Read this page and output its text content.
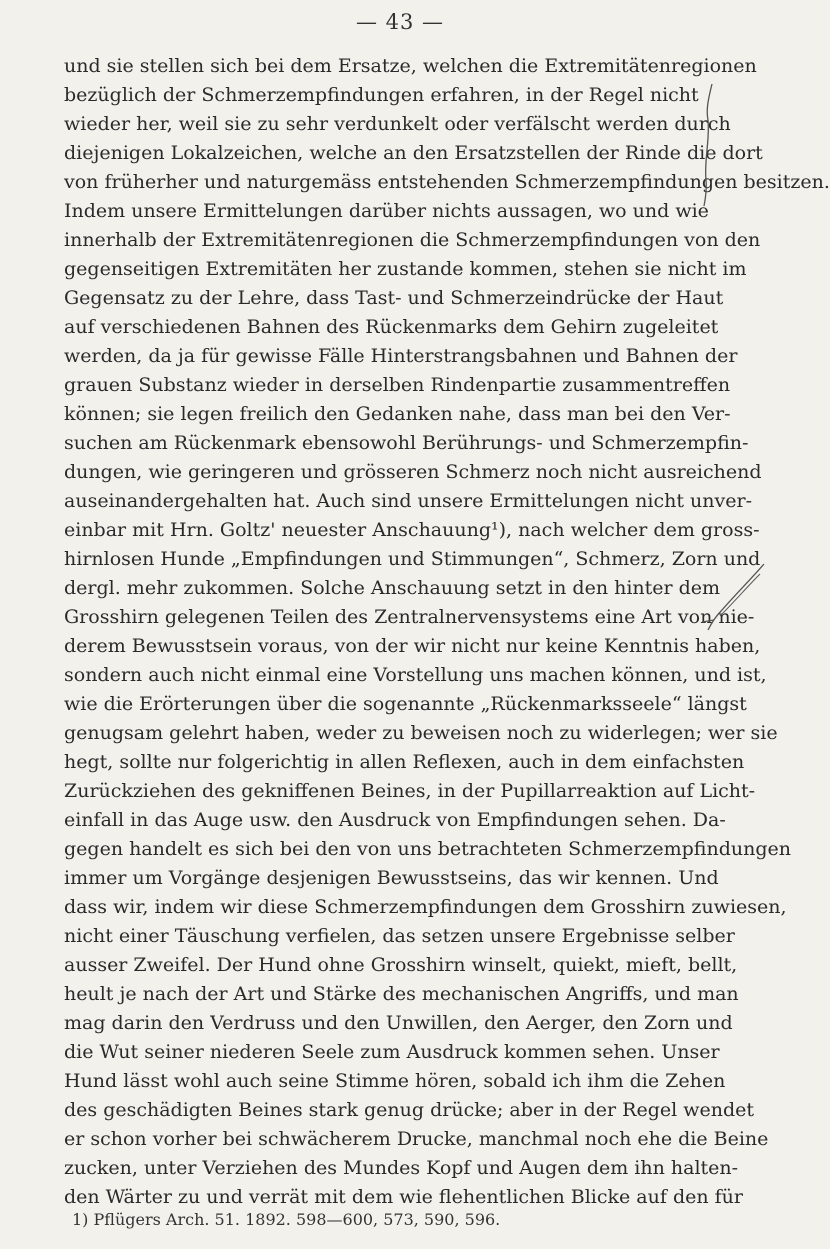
— 43 —
und sie stellen sich bei dem Ersatze, welchen die Extremitätenregionen
bezüglich der Schmerzempfindungen erfahren, in der Regel nicht
wieder her, weil sie zu sehr verdunkelt oder verfälscht werden durch
diejenigen Lokalzeichen, welche an den Ersatzstellen der Rinde die dort
von früherher und naturgemäss entstehenden Schmerzempfindungen besitzen.
Indem unsere Ermittelungen darüber nichts aussagen, wo und wie
innerhalb der Extremitätenregionen die Schmerzempfindungen von den
gegenseitigen Extremitäten her zustande kommen, stehen sie nicht im
Gegensatz zu der Lehre, dass Tast- und Schmerzeindrücke der Haut
auf verschiedenen Bahnen des Rückenmarks dem Gehirn zugeleitet
werden, da ja für gewisse Fälle Hinterstrangsbahnen und Bahnen der
grauen Substanz wieder in derselben Rindenpartie zusammentreffen
können; sie legen freilich den Gedanken nahe, dass man bei den Ver-
suchen am Rückenmark ebensowohl Berührungs- und Schmerzempfin-
dungen, wie geringeren und grösseren Schmerz noch nicht ausreichend
auseinandergehalten hat. Auch sind unsere Ermittelungen nicht unver-
einbar mit Hrn. Goltz' neuester Anschauung¹), nach welcher dem gross-
hirnlosen Hunde „Empfindungen und Stimmungen“, Schmerz, Zorn und
dergl. mehr zukommen. Solche Anschauung setzt in den hinter dem
Grosshirn gelegenen Teilen des Zentralnervensystems eine Art von nie-
derem Bewusstsein voraus, von der wir nicht nur keine Kenntnis haben,
sondern auch nicht einmal eine Vorstellung uns machen können, und ist,
wie die Erörterungen über die sogenannte „Rückenmarksseele“ längst
genugsam gelehrt haben, weder zu beweisen noch zu widerlegen; wer sie
hegt, sollte nur folgerichtig in allen Reflexen, auch in dem einfachsten
Zurückziehen des gekniffenen Beines, in der Pupillarreaktion auf Licht-
einfall in das Auge usw. den Ausdruck von Empfindungen sehen. Da-
gegen handelt es sich bei den von uns betrachteten Schmerzempfindungen
immer um Vorgänge desjenigen Bewusstseins, das wir kennen. Und
dass wir, indem wir diese Schmerzempfindungen dem Grosshirn zuwiesen,
nicht einer Täuschung verfielen, das setzen unsere Ergebnisse selber
ausser Zweifel. Der Hund ohne Grosshirn winselt, quiekt, mieft, bellt,
heult je nach der Art und Stärke des mechanischen Angriffs, und man
mag darin den Verdruss und den Unwillen, den Aerger, den Zorn und
die Wut seiner niederen Seele zum Ausdruck kommen sehen. Unser
Hund lässt wohl auch seine Stimme hören, sobald ich ihm die Zehen
des geschädigten Beines stark genug drücke; aber in der Regel wendet
er schon vorher bei schwächerem Drucke, manchmal noch ehe die Beine
zucken, unter Verziehen des Mundes Kopf und Augen dem ihn halten-
den Wärter zu und verrät mit dem wie flehentlichen Blicke auf den für
1) Pflügers Arch. 51. 1892. 598—600, 573, 590, 596.
